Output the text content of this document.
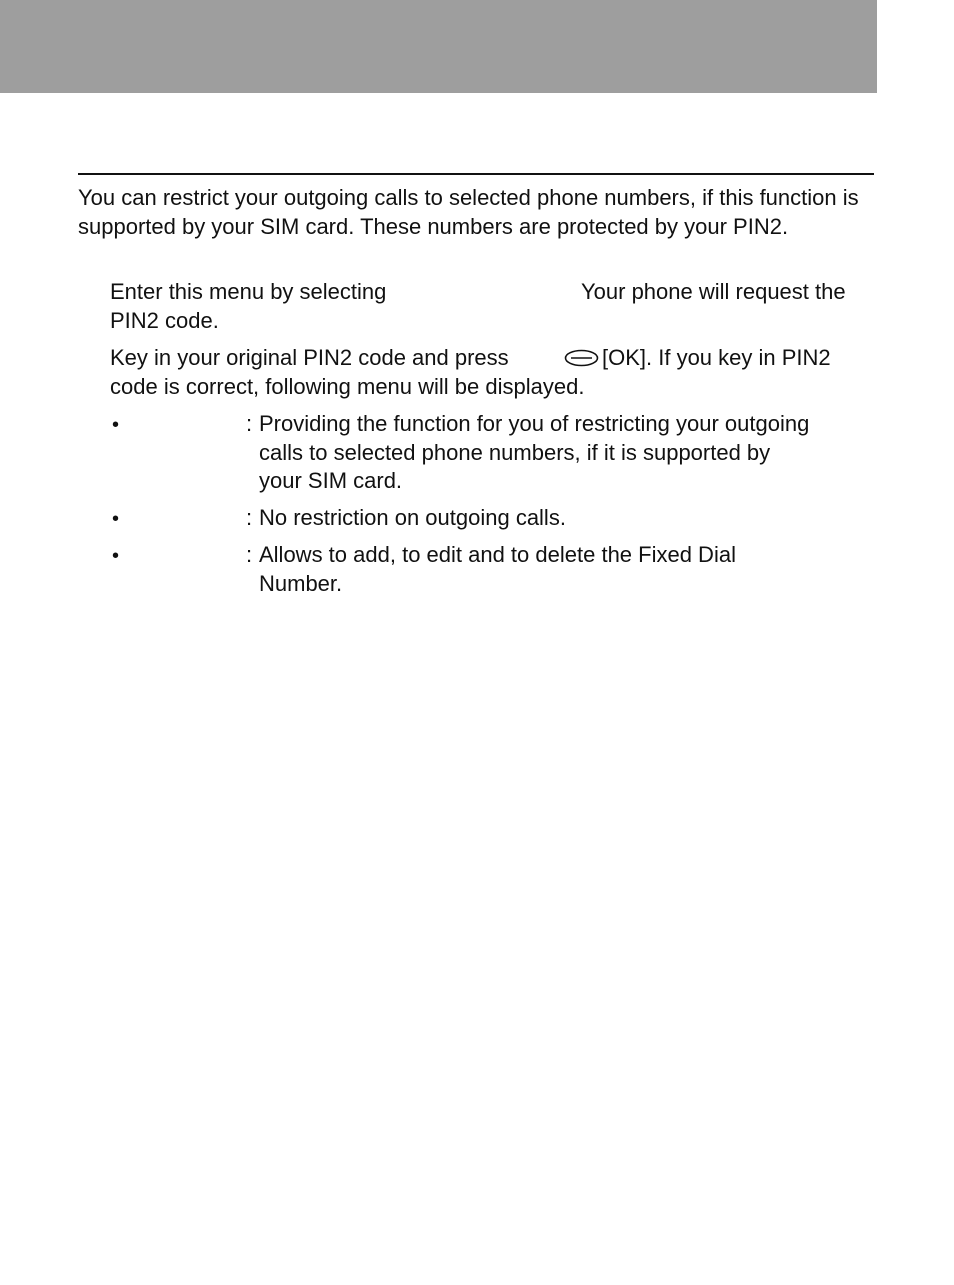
You can restrict your outgoing calls to selected phone numbers, if this function is supported by your SIM card. These numbers are protected by your PIN2.

Enter this menu by selecting	Your phone will request the
PIN2 code.
Key in your original PIN2 code and press	[OK]. If you key in PIN2
code is correct, following menu will be displayed.
•	: Providing the function for you of restricting your outgoing calls to selected phone numbers, if it is supported by your SIM card.

•	: No restriction on outgoing calls.

•	: Allows to add, to edit and to delete the Fixed Dial Number.
